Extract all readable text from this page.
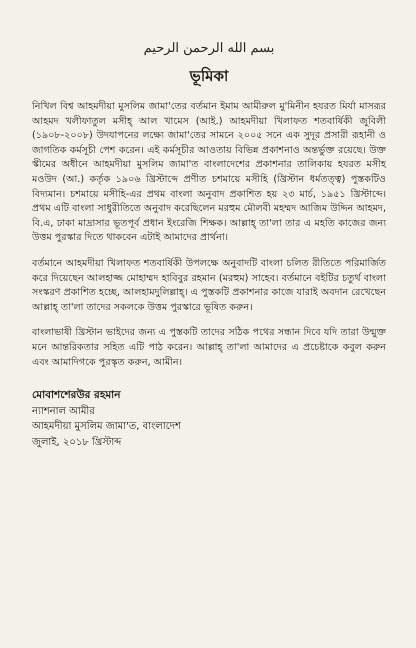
بسم الله الرحمن الرحيم
ভূমিকা

নিখিল বিশ্ব আহমদীয়া মুসলিম জামা'তের বর্তমান ইমাম আমীরুল মু'মিনীন হযরত মির্যা মাসরূর আহমদ খলীফাতুল মসীহ্ আল খামেস (আই.) আহমদীয়া খিলাফত শতবার্ষিকী জুবিলী (১৯০৮-২০০৮) উদযাপনের লক্ষ্যে জামা'তের সামনে ২০০৫ সনে এক সুদূর প্রসারী রূহানী ও জাগতিক কর্মসূচী পেশ করেন। এই কর্মসূচীর আওতায় বিভিন্ন প্রকাশনাও অন্তর্ভুক্ত রয়েছে। উক্ত স্কীমের অধীনে আহমদীয়া মুসলিম জামা'ত বাংলাদেশের প্রকাশনার তালিকায় হযরত মসীহ মওউদ (আ.) কর্তৃক ১৯০৬ খ্রিস্টাব্দে প্রণীত চশমায়ে মসীহি (খ্রিস্টান ধর্মতত্ত্ব) পুস্তকটিও বিদ্যমান। চশমায়ে মসীহি-এর প্রথম বাংলা অনুবাদ প্রকাশিত হয় ২৩ মার্চ, ১৯৫১ খ্রিস্টাব্দে। প্রথম এটি বাংলা সাধুরীতিতে অনুবাদ করেছিলেন মরহুম মৌলবী মহম্মদ আজিম উদ্দিন আহমদ, বি.এ, ঢাকা মাদ্রাসার ভূতপূর্ব প্রধান ইংরেজি শিক্ষক। আল্লাহ্ তা'লা তার এ মহতি কাজের জন্য উত্তম পুরস্কার দিতে থাকবেন এটাই আমাদের প্রার্থনা।

বর্তমানে আহমদীয়া খিলাফত শতবার্ষিকী উপলক্ষে অনুবাদটি বাংলা চলিত রীতিতে পরিমার্জিত করে দিয়েছেন আলহাজ্জ মোহাম্মদ হাবিবুর রহমান (মরহুম) সাহেব। বর্তমানে বইটির চতুর্থ বাংলা সংস্করণ প্রকাশিত হচ্ছে, আলহামদুলিল্লাহ্। এ পুস্তকটি প্রকাশনার কাজে যারাই অবদান রেখেছেন আল্লাহ্ তা'লা তাদের সকলকে উত্তম পুরস্কারে ভূষিত করুন।

বাংলাভাষী খ্রিস্টান ভাইদের জন্য এ পুস্তকটি তাদের সঠিক পথের সন্ধান দিবে যদি তারা উন্মুক্ত মনে আন্তরিকতার সহিত এটি পাঠ করেন। আল্লাহ্ তা'লা আমাদের এ প্রচেষ্টাকে কবুল করুন এবং আমাদিগকে পুরস্কৃত করুন, আমীন।

মোবাশশেরউর রহমান
ন্যাশনাল আমীর
আহমদীয়া মুসলিম জামা'ত, বাংলাদেশ
জুলাই, ২০১৮ খ্রিস্টাব্দ
